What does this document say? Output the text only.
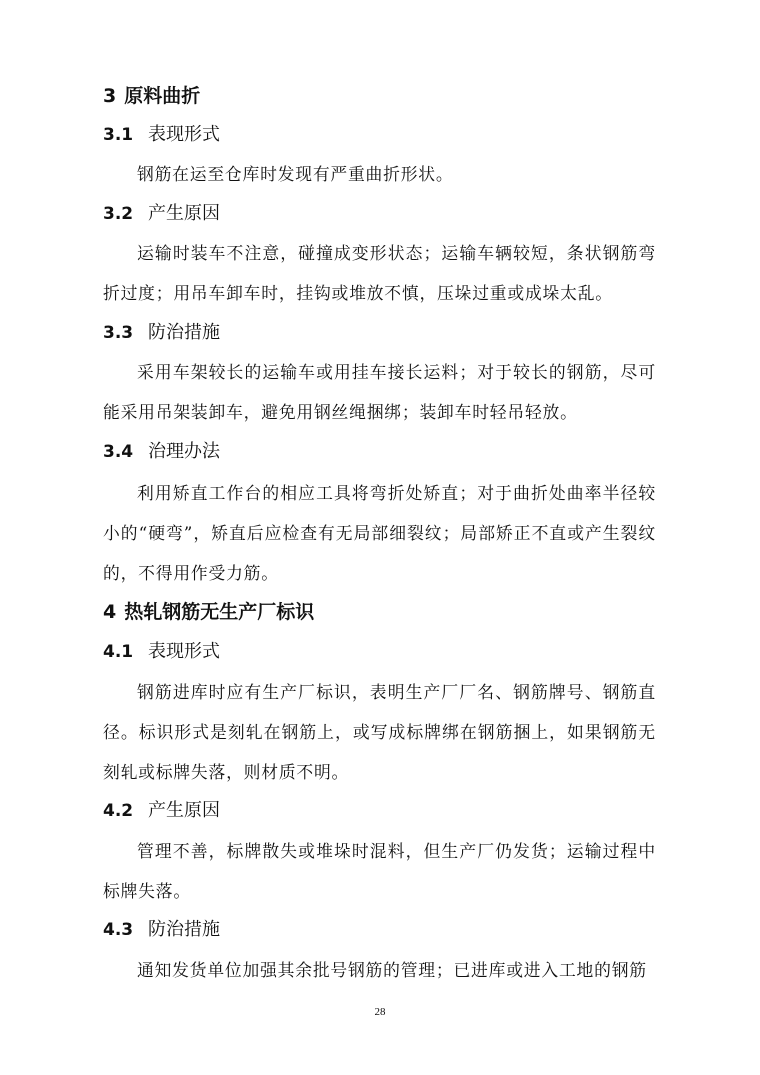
3 原料曲折
3.1 表现形式

钢筋在运至仓库时发现有严重曲折形状。

3.2 产生原因

运输时装车不注意，碰撞成变形状态；运输车辆较短，条状钢筋弯折过度；用吊车卸车时，挂钩或堆放不慎，压垛过重或成垛太乱。

3.3 防治措施

采用车架较长的运输车或用挂车接长运料；对于较长的钢筋，尽可能采用吊架装卸车，避免用钢丝绳捆绑；装卸车时轻吊轻放。

3.4 治理办法

利用矫直工作台的相应工具将弯折处矫直；对于曲折处曲率半径较小的“硬弯”，矫直后应检查有无局部细裂纹；局部矫正不直或产生裂纹的，不得用作受力筋。

4 热轧钢筋无生产厂标识
4.1 表现形式

钢筋进库时应有生产厂标识，表明生产厂厂名、钢筋牌号、钢筋直径。标识形式是刻轧在钢筋上，或写成标牌绑在钢筋捆上，如果钢筋无刻轧或标牌失落，则材质不明。

4.2 产生原因

管理不善，标牌散失或堆垛时混料，但生产厂仍发货；运输过程中标牌失落。

4.3 防治措施

通知发货单位加强其余批号钢筋的管理；已进库或进入工地的钢筋

28
